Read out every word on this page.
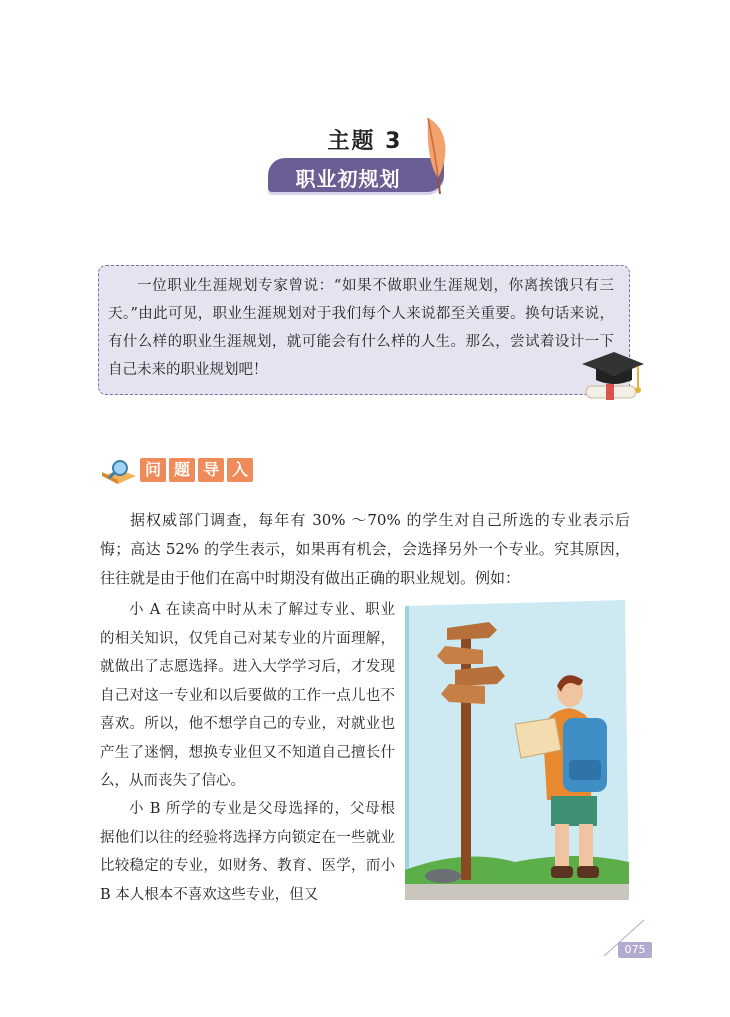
主题 3
职业初规划
一位职业生涯规划专家曾说：“如果不做职业生涯规划，你离挨饿只有三天。”由此可见，职业生涯规划对于我们每个人来说都至关重要。换句话来说，有什么样的职业生涯规划，就可能会有什么样的人生。那么，尝试着设计一下自己未来的职业规划吧！
问 题 导 入
据权威部门调查，每年有 30% ～70% 的学生对自己所选的专业表示后悔；高达 52% 的学生表示，如果再有机会，会选择另外一个专业。究其原因，往往就是由于他们在高中时期没有做出正确的职业规划。例如：
小 A 在读高中时从未了解过专业、职业的相关知识，仅凭自己对某专业的片面理解，就做出了志愿选择。进入大学学习后，才发现自己对这一专业和以后要做的工作一点儿也不喜欢。所以，他不想学自己的专业，对就业也产生了迷惘，想换专业但又不知道自己擅长什么，从而丧失了信心。
小 B 所学的专业是父母选择的，父母根据他们以往的经验将选择方向锁定在一些就业比较稳定的专业，如财务、教育、医学，而小 B 本人根本不喜欢这些专业，但又
075
